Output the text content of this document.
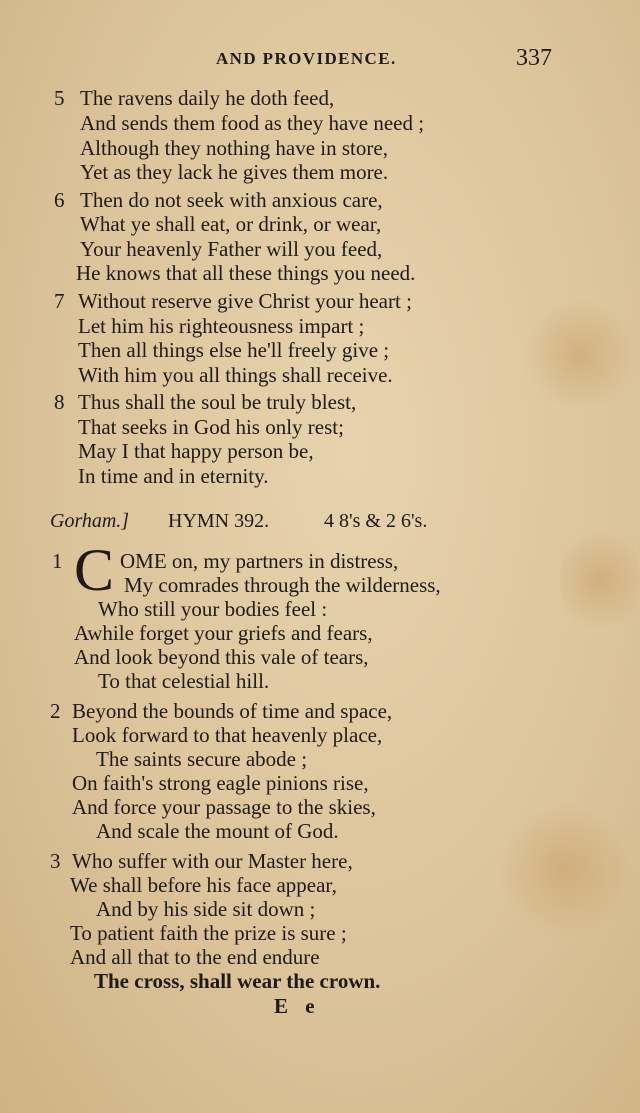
AND PROVIDENCE.	337
5 The ravens daily he doth feed,
And sends them food as they have need ;
Although they nothing have in store,
Yet as they lack he gives them more.
6 Then do not seek with anxious care,
What ye shall eat, or drink, or wear,
Your heavenly Father will you feed,
He knows that all these things you need.
7 Without reserve give Christ your heart ;
Let him his righteousness impart ;
Then all things else he'll freely give ;
With him you all things shall receive.
8 Thus shall the soul be truly blest,
That seeks in God his only rest;
May I that happy person be,
In time and in eternity.
Gorham.] HYMN 392.	4 8's & 2 6's.
1 C OME on, my partners in distress,
My comrades through the wilderness,
Who still your bodies feel :
Awhile forget your griefs and fears,
And look beyond this vale of tears,
To that celestial hill.
2 Beyond the bounds of time and space,
Look forward to that heavenly place,
The saints secure abode ;
On faith's strong eagle pinions rise,
And force your passage to the skies,
And scale the mount of God.
3 Who suffer with our Master here,
We shall before his face appear,
And by his side sit down ;
To patient faith the prize is sure ;
And all that to the end endure
The cross, shall wear the crown.
E e
